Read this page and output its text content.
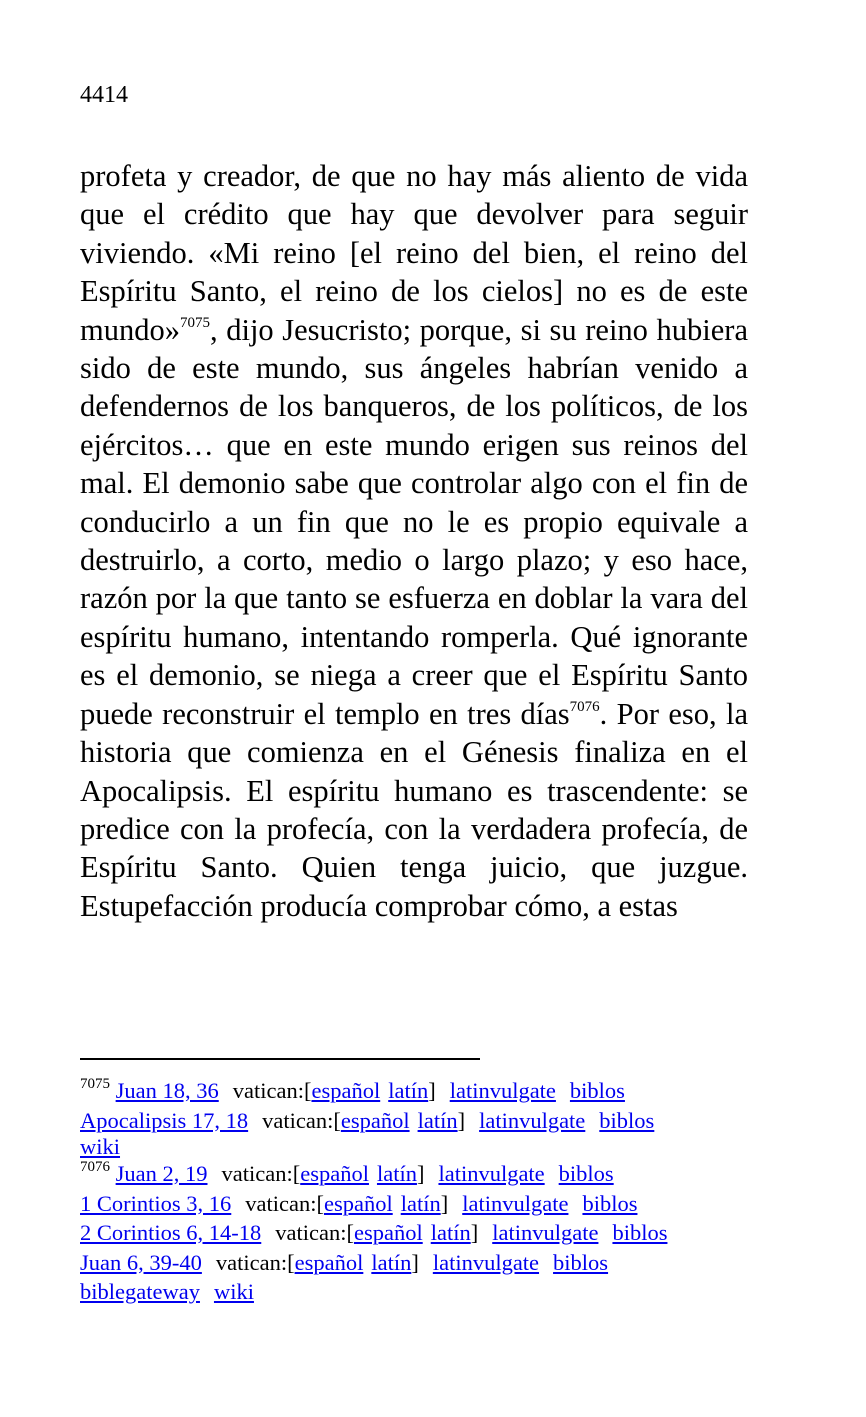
4414

profeta y creador, de que no hay más aliento de vida que el crédito que hay que devolver para seguir viviendo. «Mi reino [el reino del bien, el reino del Espíritu Santo, el reino de los cielos] no es de este mundo»$^{7075}$, dijo Jesucristo; porque, si su reino hubiera sido de este mundo, sus ángeles habrían venido a defendernos de los banqueros, de los políticos, de los ejércitos… que en este mundo erigen sus reinos del mal. El demonio sabe que controlar algo con el fin de conducirlo a un fin que no le es propio equivale a destruirlo, a corto, medio o largo plazo; y eso hace, razón por la que tanto se esfuerza en doblar la vara del espíritu humano, intentando romperla. Qué ignorante es el demonio, se niega a creer que el Espíritu Santo puede reconstruir el templo en tres días$^{7076}$. Por eso, la historia que comienza en el Génesis finaliza en el Apocalipsis. El espíritu humano es trascendente: se predice con la profecía, con la verdadera profecía, de Espíritu Santo. Quien tenga juicio, que juzgue. Estupefacción producía comprobar cómo, a estas

$^{7075}$ Juan 18, 36 vatican:[español latín] latinvulgate biblos
Apocalipsis 17, 18 vatican:[español latín] latinvulgate biblos
wiki
$^{7076}$ Juan 2, 19 vatican:[español latín] latinvulgate biblos
1 Corintios 3, 16 vatican:[español latín] latinvulgate biblos
2 Corintios 6, 14-18 vatican:[español latín] latinvulgate biblos
Juan 6, 39-40 vatican:[español latín] latinvulgate biblos
biblegateway wiki
